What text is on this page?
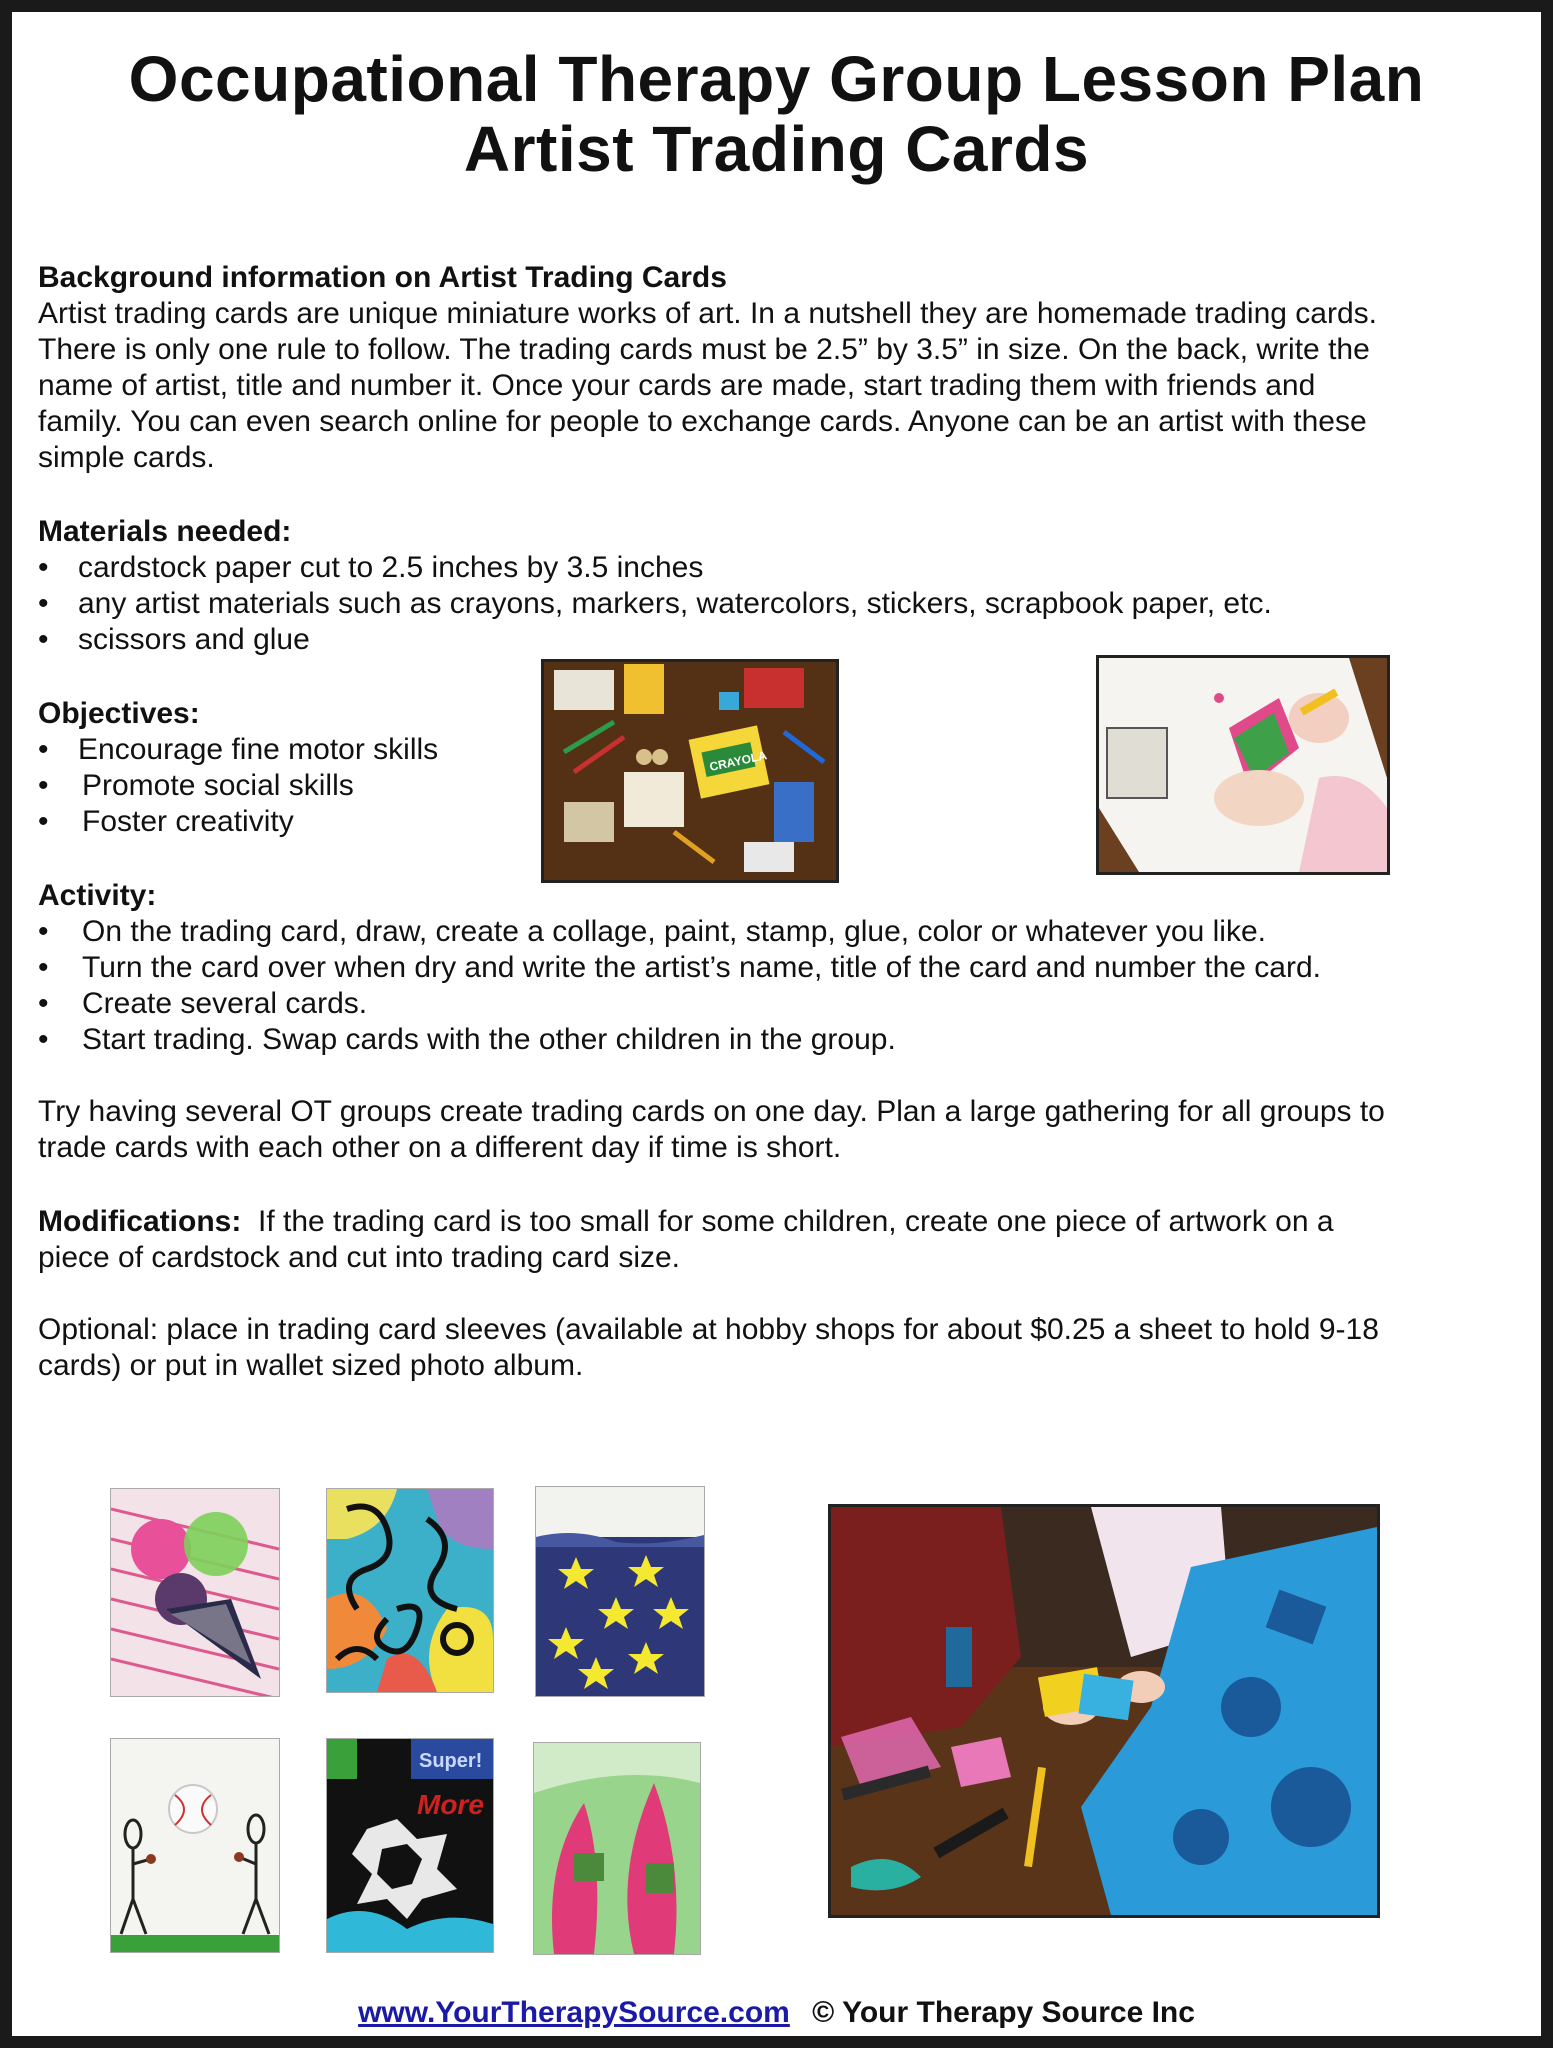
Occupational Therapy Group Lesson Plan
Artist Trading Cards
Background information on Artist Trading Cards

Artist trading cards are unique miniature works of art. In a nutshell they are homemade trading cards.

There is only one rule to follow. The trading cards must be 2.5” by 3.5” in size. On the back, write the

name of artist, title and number it. Once your cards are made, start trading them with friends and

family. You can even search online for people to exchange cards. Anyone can be an artist with these

simple cards.

Materials needed:
• cardstock paper cut to 2.5 inches by 3.5 inches
• any artist materials such as crayons, markers, watercolors, stickers, scrapbook paper, etc.
• scissors and glue
Objectives:
• Encourage fine motor skills
• Promote social skills
• Foster creativity
Activity:
• On the trading card, draw, create a collage, paint, stamp, glue, color or whatever you like.
• Turn the card over when dry and write the artist’s name, title of the card and number the card.
• Create several cards.
• Start trading. Swap cards with the other children in the group.

Try having several OT groups create trading cards on one day. Plan a large gathering for all groups to

trade cards with each other on a different day if time is short.

Modifications:  If the trading card is too small for some children, create one piece of artwork on a

piece of cardstock and cut into trading card size.

Optional: place in trading card sleeves (available at hobby shops for about $0.25 a sheet to hold 9-18

cards) or put in wallet sized photo album.

CRAYOLA
Super!
More
www.YourTherapySource.com © Your Therapy Source Inc
